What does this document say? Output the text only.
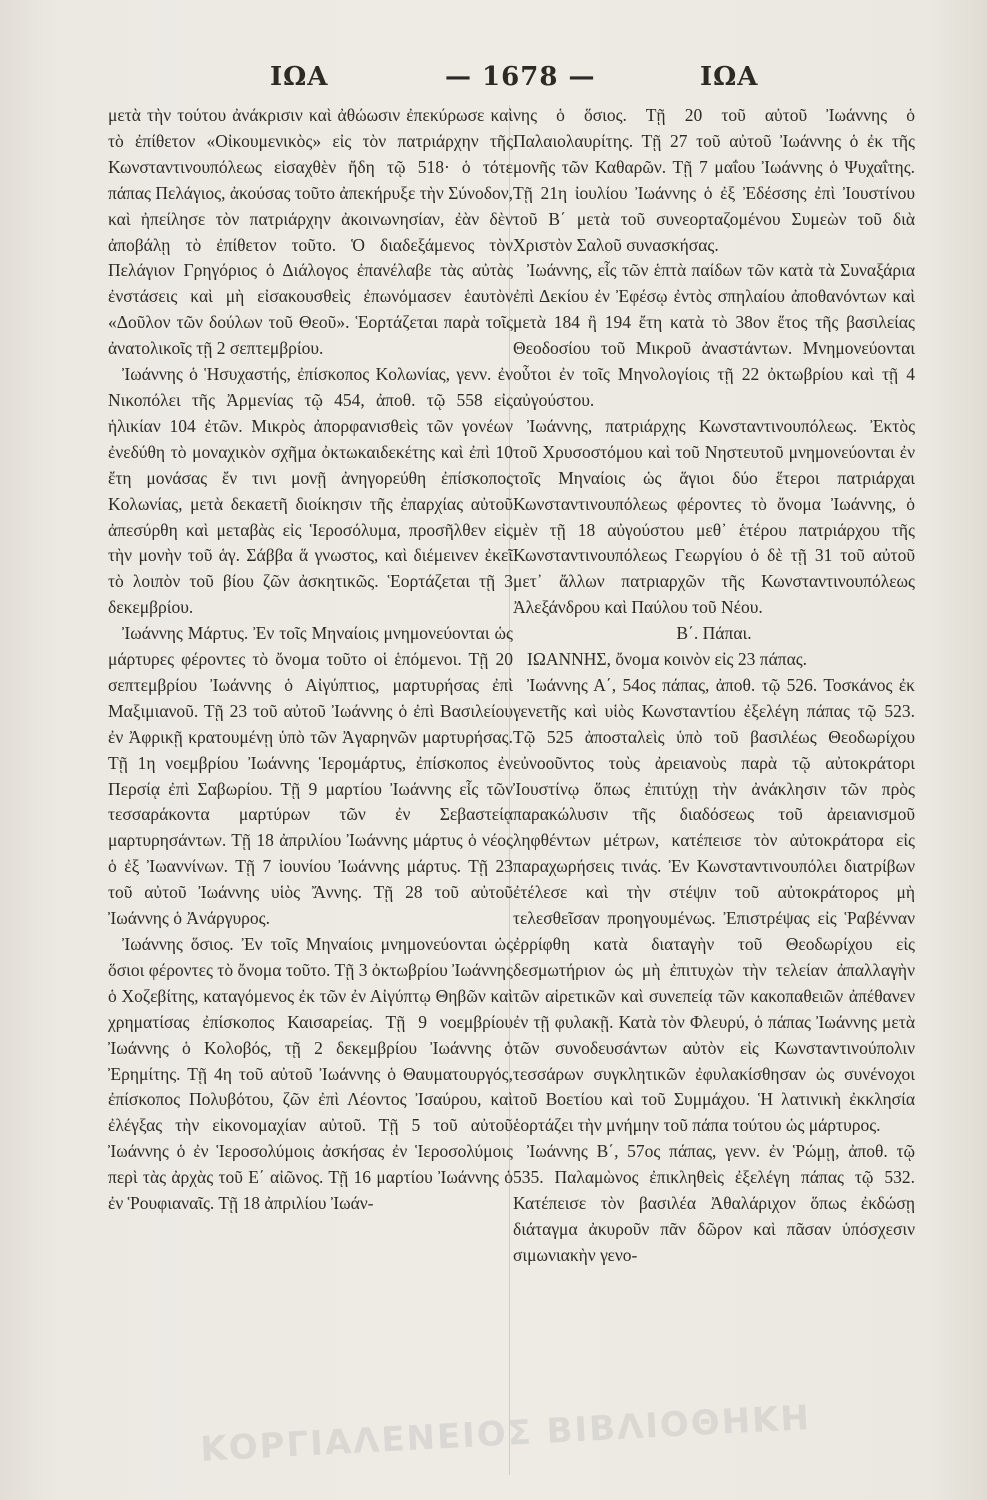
ΙΩΑ	— 1678 —	ΙΩΑ

μετὰ τὴν τούτου ἀνάκρισιν καὶ ἀθώωσιν ἐπεκύρωσε καὶ τὸ ἐπίθετον «Οἰκουμενικὸς» εἰς τὸν πατριάρχην τῆς Κωνσταντινουπόλεως εἰσαχθὲν ἤδη τῷ 518· ὁ τότε πάπας Πελάγιος, ἀκούσας τοῦτο ἀπεκήρυξε τὴν Σύνοδον, καὶ ἠπείλησε τὸν πατριάρχην ἀκοινωνησίαν, ἐὰν δὲν ἀποβάλῃ τὸ ἐπίθετον τοῦτο. Ὁ διαδεξάμενος τὸν Πελάγιον Γρηγόριος ὁ Διάλογος ἐπανέλαβε τὰς αὐτὰς ἐνστάσεις καὶ μὴ εἰσακουσθεὶς ἐπωνόμασεν ἑαυτὸν «Δοῦλον τῶν δούλων τοῦ Θεοῦ». Ἑορτάζεται παρὰ τοῖς ἀνατολικοῖς τῇ 2 σεπτεμβρίου.

Ἰωάννης ὁ Ἡσυχαστής, ἐπίσκοπος Κολωνίας, γενν. ἐν Νικοπόλει τῆς Ἀρμενίας τῷ 454, ἀποθ. τῷ 558 εἰς ἡλικίαν 104 ἐτῶν. Μικρὸς ἀπορφανισθεὶς τῶν γονέων ἐνεδύθη τὸ μοναχικὸν σχῆμα ὀκτωκαιδεκέτης καὶ ἐπὶ 10 ἔτη μονάσας ἔν τινι μονῇ ἀνηγορεύθη ἐπίσκοπος Κολωνίας, μετὰ δεκαετῆ διοίκησιν τῆς ἐπαρχίας αὐτοῦ ἀπεσύρθη καὶ μεταβὰς εἰς Ἱεροσόλυμα, προσῆλθεν εἰς τὴν μονὴν τοῦ ἁγ. Σάββα ἅ γνωστος, καὶ διέμεινεν ἐκεῖ τὸ λοιπὸν τοῦ βίου ζῶν ἀσκητικῶς. Ἑορτάζεται τῇ 3 δεκεμβρίου.

Ἰωάννης Μάρτυς. Ἐν τοῖς Μηναίοις μνημονεύονται ὡς μάρτυρες φέροντες τὸ ὄνομα τοῦτο οἱ ἑπόμενοι. Τῇ 20 σεπτεμβρίου Ἰωάννης ὁ Αἰγύπτιος, μαρτυρήσας ἐπὶ Μαξιμιανοῦ. Τῇ 23 τοῦ αὐτοῦ Ἰωάννης ὁ ἐπὶ Βασιλείου ἐν Ἀφρικῇ κρατουμένῃ ὑπὸ τῶν Ἀγαρηνῶν μαρτυρήσας. Τῇ 1η νοεμβρίου Ἰωάννης Ἱερομάρτυς, ἐπίσκοπος ἐν Περσίᾳ ἐπὶ Σαβωρίου. Τῇ 9 μαρτίου Ἰωάννης εἷς τῶν τεσσαράκοντα μαρτύρων τῶν ἐν Σεβαστείᾳ μαρτυρησάντων. Τῇ 18 ἀπριλίου Ἰωάννης μάρτυς ὁ νέος ὁ ἐξ Ἰωαννίνων. Τῇ 7 ἰουνίου Ἰωάννης μάρτυς. Τῇ 23 τοῦ αὐτοῦ Ἰωάννης υἱὸς Ἄννης. Τῇ 28 τοῦ αὐτοῦ Ἰωάννης ὁ Ἀνάργυρος.

Ἰωάννης ὅσιος. Ἐν τοῖς Μηναίοις μνημονεύονται ὡς ὅσιοι φέροντες τὸ ὄνομα τοῦτο. Τῇ 3 ὀκτωβρίου Ἰωάννης ὁ Χοζεβίτης, καταγόμενος ἐκ τῶν ἐν Αἰγύπτῳ Θηβῶν καὶ χρηματίσας ἐπίσκοπος Καισαρείας. Τῇ 9 νοεμβρίου Ἰωάννης ὁ Κολοβός, τῇ 2 δεκεμβρίου Ἰωάννης ὁ Ἐρημίτης. Τῇ 4η τοῦ αὐτοῦ Ἰωάννης ὁ Θαυματουργός, ἐπίσκοπος Πολυβότου, ζῶν ἐπὶ Λέοντος Ἰσαύρου, καὶ ἐλέγξας τὴν εἰκονομαχίαν αὐτοῦ. Τῇ 5 τοῦ αὐτοῦ Ἰωάννης ὁ ἐν Ἱεροσολύμοις ἀσκήσας ἐν Ἱεροσολύμοις περὶ τὰς ἀρχὰς τοῦ Ε΄ αἰῶνος. Τῇ 16 μαρτίου Ἰωάννης ὁ ἐν Ῥουφιαναῖς. Τῇ 18 ἀπριλίου Ἰωάν-

νης ὁ ὅσιος. Τῇ 20 τοῦ αὐτοῦ Ἰωάννης ὁ Παλαιολαυρίτης. Τῇ 27 τοῦ αὐτοῦ Ἰωάννης ὁ ἐκ τῆς μονῆς τῶν Καθαρῶν. Τῇ 7 μαΐου Ἰωάννης ὁ Ψυχαΐτης. Τῇ 21η ἰουλίου Ἰωάννης ὁ ἐξ Ἐδέσσης ἐπὶ Ἰουστίνου τοῦ Β΄ μετὰ τοῦ συνεορταζομένου Συμεὼν τοῦ διὰ Χριστὸν Σαλοῦ συνασκήσας.

Ἰωάννης, εἷς τῶν ἑπτὰ παίδων τῶν κατὰ τὰ Συναξάρια ἐπὶ Δεκίου ἐν Ἐφέσῳ ἐντὸς σπηλαίου ἀποθανόντων καὶ μετὰ 184 ἢ 194 ἔτη κατὰ τὸ 38ον ἔτος τῆς βασιλείας Θεοδοσίου τοῦ Μικροῦ ἀναστάντων. Μνημονεύονται οὗτοι ἐν τοῖς Μηνολογίοις τῇ 22 ὀκτωβρίου καὶ τῇ 4 αὐγούστου.

Ἰωάννης, πατριάρχης Κωνσταντινουπόλεως. Ἐκτὸς τοῦ Χρυσοστόμου καὶ τοῦ Νηστευτοῦ μνημονεύονται ἐν τοῖς Μηναίοις ὡς ἅγιοι δύο ἕτεροι πατριάρχαι Κωνσταντινουπόλεως φέροντες τὸ ὄνομα Ἰωάννης, ὁ μὲν τῇ 18 αὐγούστου μεθ᾽ ἑτέρου πατριάρχου τῆς Κωνσταντινουπόλεως Γεωργίου ὁ δὲ τῇ 31 τοῦ αὐτοῦ μετ᾽ ἄλλων πατριαρχῶν τῆς Κωνσταντινουπόλεως Ἀλεξάνδρου καὶ Παύλου τοῦ Νέου.

Β΄. Πάπαι.

ΙΩΑΝΝΗΣ, ὄνομα κοινὸν εἰς 23 πάπας.

Ἰωάννης Α΄, 54ος πάπας, ἀποθ. τῷ 526. Τοσκάνος ἐκ γενετῆς καὶ υἱὸς Κωνσταντίου ἐξελέγη πάπας τῷ 523. Τῷ 525 ἀποσταλεὶς ὑπὸ τοῦ βασιλέως Θεοδωρίχου εὐνοοῦντος τοὺς ἀρειανοὺς παρὰ τῷ αὐτοκράτορι Ἰουστίνῳ ὅπως ἐπιτύχῃ τὴν ἀνάκλησιν τῶν πρὸς παρακώλυσιν τῆς διαδόσεως τοῦ ἀρειανισμοῦ ληφθέντων μέτρων, κατέπεισε τὸν αὐτοκράτορα εἰς παραχωρήσεις τινάς. Ἐν Κωνσταντινουπόλει διατρίβων ἐτέλεσε καὶ τὴν στέψιν τοῦ αὐτοκράτορος μὴ τελεσθεῖσαν προηγουμένως. Ἐπιστρέψας εἰς Ῥαβένναν ἐρρίφθη κατὰ διαταγὴν τοῦ Θεοδωρίχου εἰς δεσμωτήριον ὡς μὴ ἐπιτυχὼν τὴν τελείαν ἀπαλλαγὴν τῶν αἱρετικῶν καὶ συνεπείᾳ τῶν κακοπαθειῶν ἀπέθανεν ἐν τῇ φυλακῇ. Κατὰ τὸν Φλευρύ, ὁ πάπας Ἰωάννης μετὰ τῶν συνοδευσάντων αὐτὸν εἰς Κωνσταντινούπολιν τεσσάρων συγκλητικῶν ἐφυλακίσθησαν ὡς συνένοχοι τοῦ Βοετίου καὶ τοῦ Συμμάχου. Ἡ λατινικὴ ἐκκλησία ἑορτάζει τὴν μνήμην τοῦ πάπα τούτου ὡς μάρτυρος.

Ἰωάννης Β΄, 57ος πάπας, γενν. ἐν Ῥώμῃ, ἀποθ. τῷ 535. Παλαμὼνος ἐπικληθεὶς ἐξελέγη πάπας τῷ 532. Κατέπεισε τὸν βασιλέα Ἀθαλάριχον ὅπως ἐκδώσῃ διάταγμα ἀκυροῦν πᾶν δῶρον καὶ πᾶσαν ὑπόσχεσιν σιμωνιακὴν γενο-

ΚΟΡΓΙΑΛΕΝΕΙΟΣ ΒΙΒΛΙΟΘΗΚΗ
